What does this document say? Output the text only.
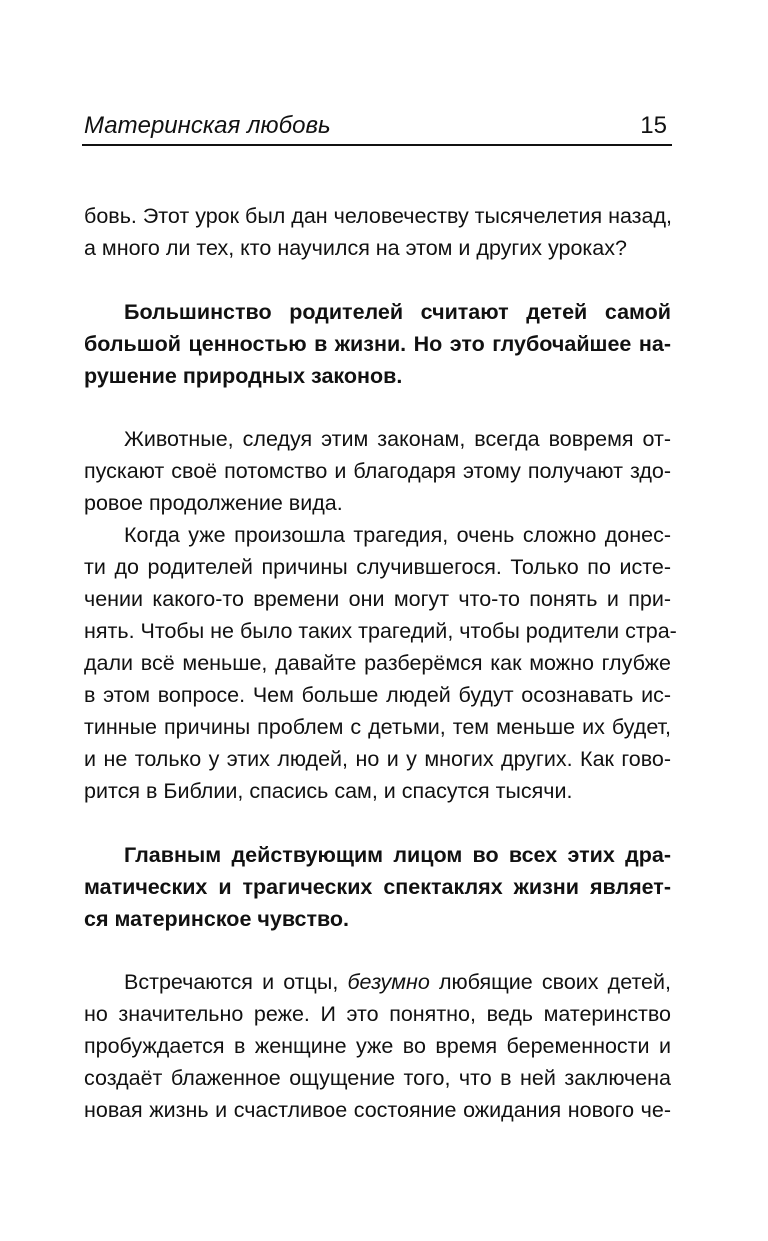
Материнская любовь	15
бовь. Этот урок был дан человечеству тысячелетия назад,
а много ли тех, кто научился на этом и других уроках?
Большинство родителей считают детей самой
большой ценностью в жизни. Но это глубочайшее на-
рушение природных законов.
Животные, следуя этим законам, всегда вовремя от-
пускают своё потомство и благодаря этому получают здо-
ровое продолжение вида.
Когда уже произошла трагедия, очень сложно донес-
ти до родителей причины случившегося. Только по исте-
чении какого-то времени они могут что-то понять и при-
нять. Чтобы не было таких трагедий, чтобы родители стра-
дали всё меньше, давайте разберёмся как можно глубже
в этом вопросе. Чем больше людей будут осознавать ис-
тинные причины проблем с детьми, тем меньше их будет,
и не только у этих людей, но и у многих других. Как гово-
рится в Библии, спасись сам, и спасутся тысячи.
Главным действующим лицом во всех этих дра-
матических и трагических спектаклях жизни являет-
ся материнское чувство.
Встречаются и отцы, безумно любящие своих детей,
но значительно реже. И это понятно, ведь материнство
пробуждается в женщине уже во время беременности и
создаёт блаженное ощущение того, что в ней заключена
новая жизнь и счастливое состояние ожидания нового че-
